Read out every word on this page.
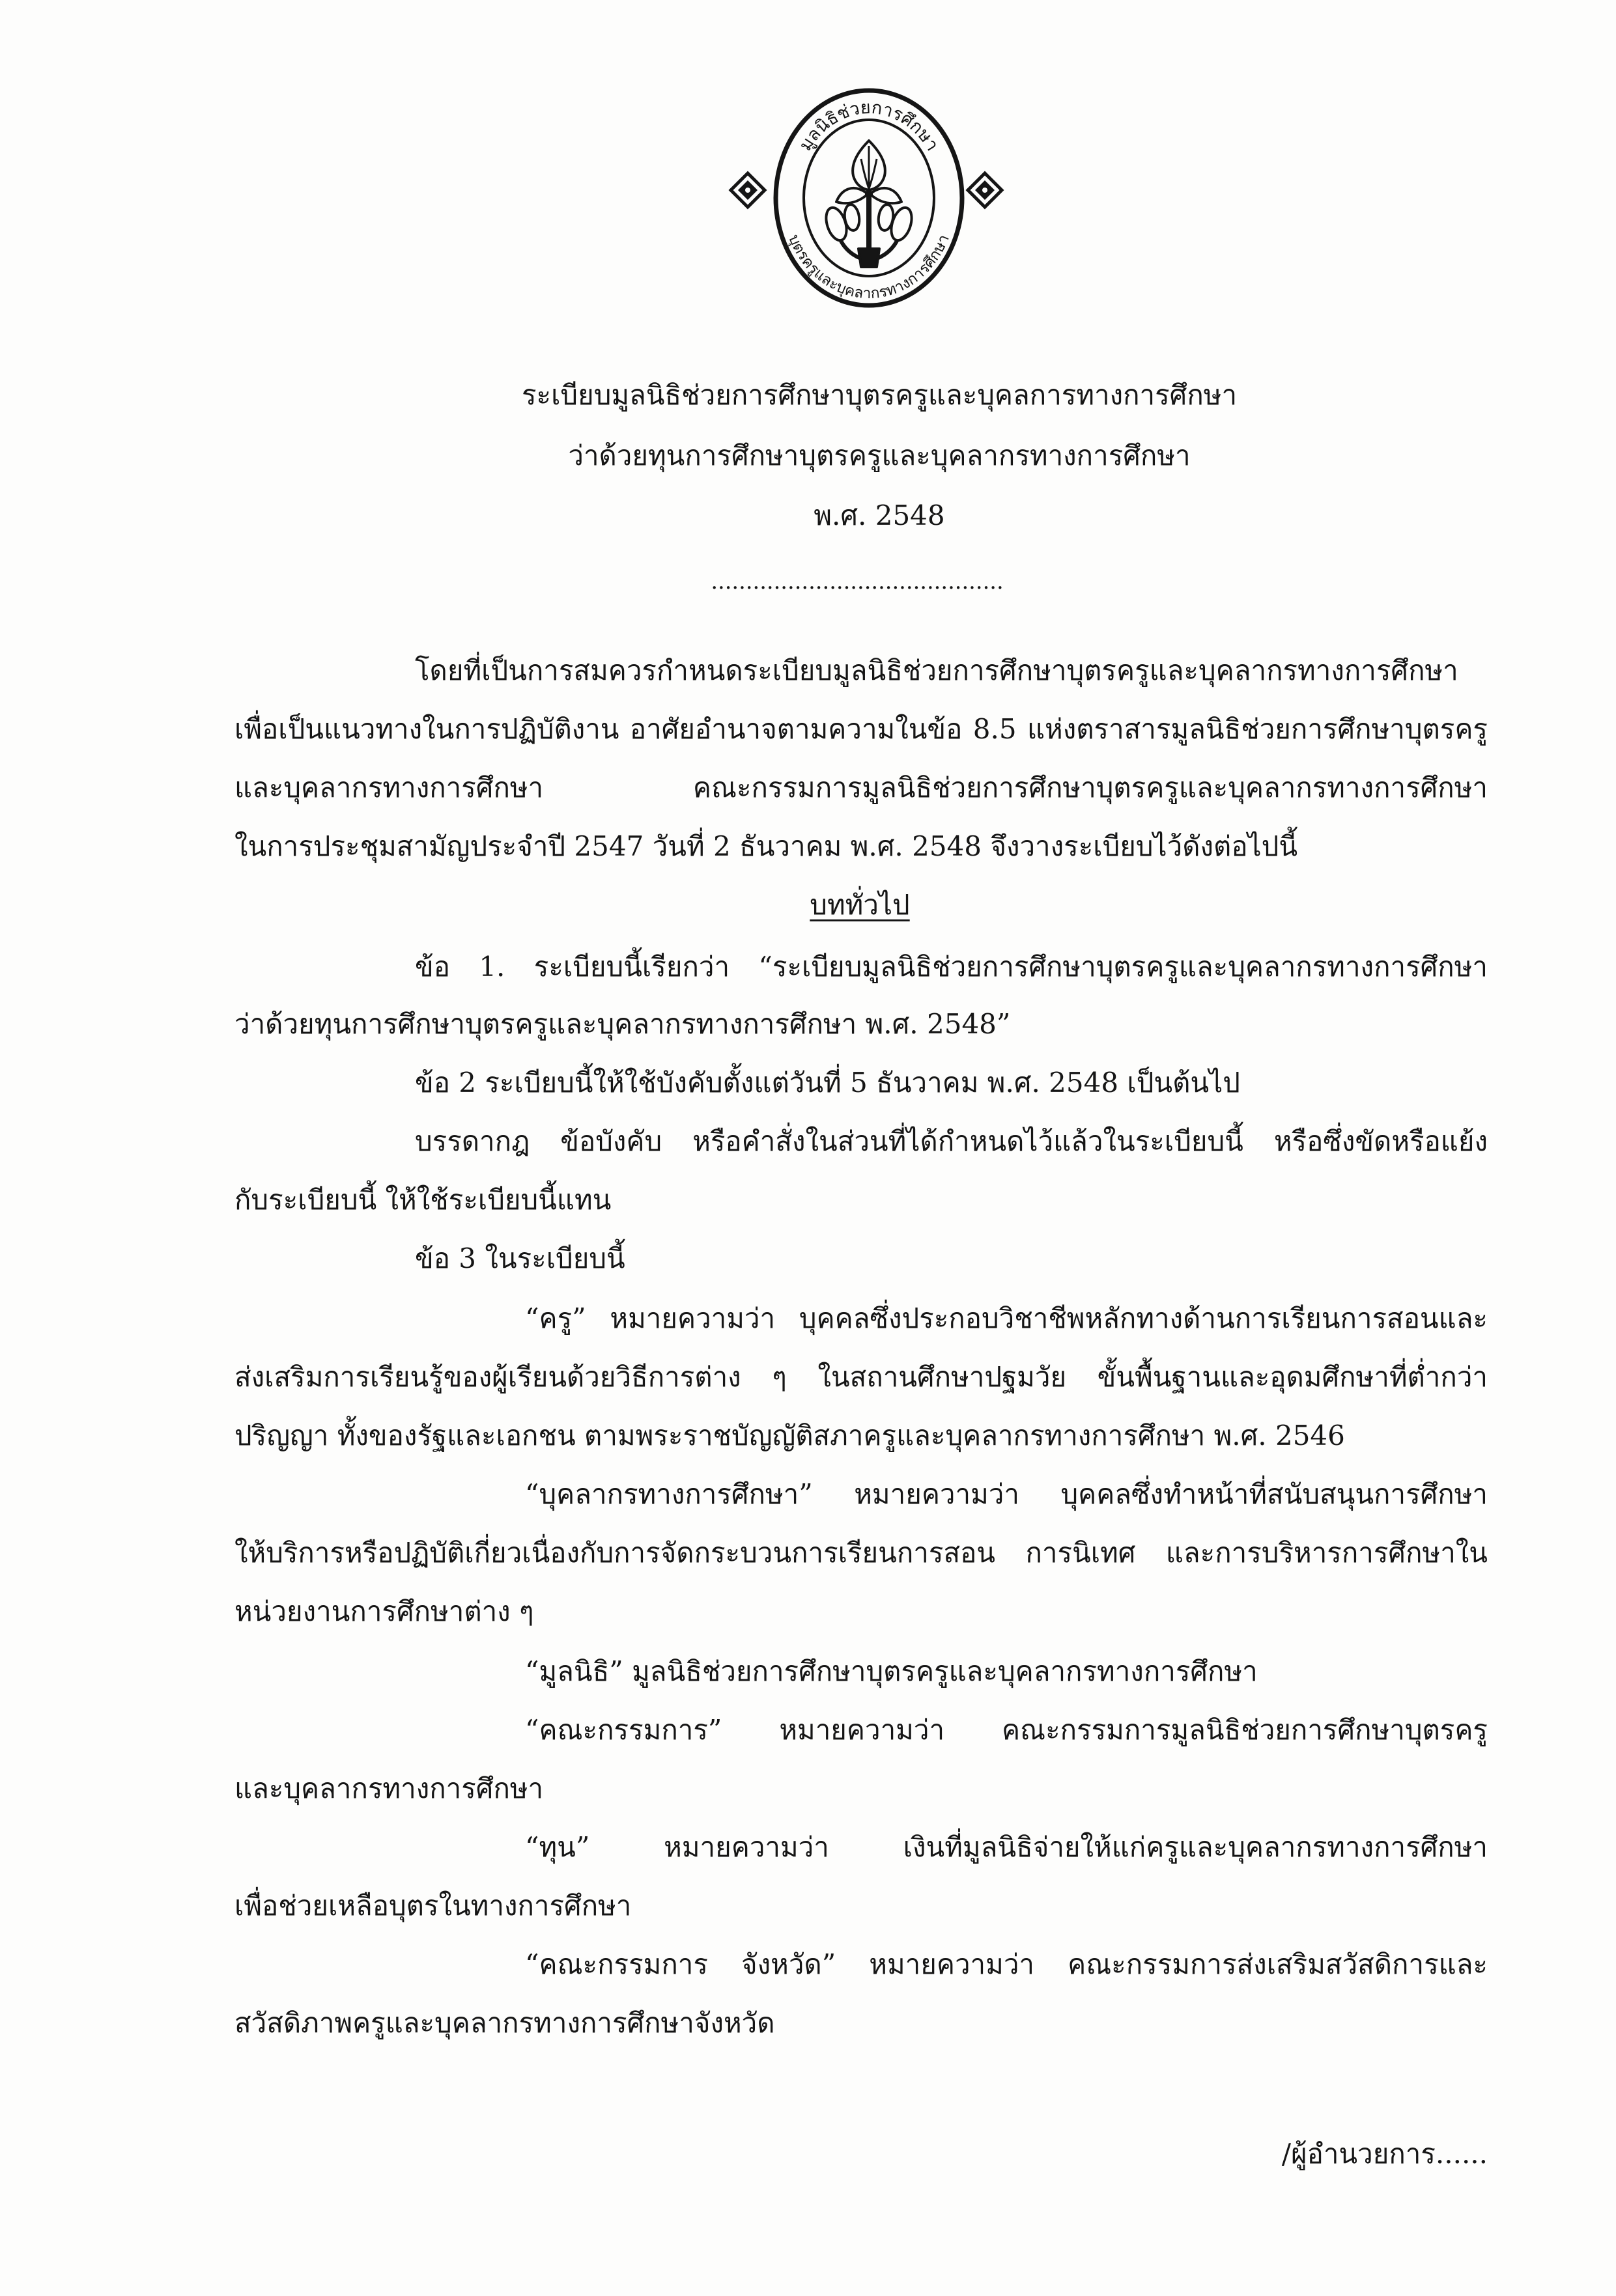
มูลนิธิช่วยการศึกษา
บุตรครูและบุคลากรทางการศึกษา
ระเบียบมูลนิธิช่วยการศึกษาบุตรครูและบุคลการทางการศึกษา
ว่าด้วยทุนการศึกษาบุตรครูและบุคลากรทางการศึกษา
พ.ศ. 2548
..........................................
โดยที่เป็นการสมควรกำหนดระเบียบมูลนิธิช่วยการศึกษาบุตรครูและบุคลากรทางการศึกษา
เพื่อเป็นแนวทางในการปฏิบัติงาน อาศัยอำนาจตามความในข้อ 8.5 แห่งตราสารมูลนิธิช่วยการศึกษาบุตรครู
และบุคลากรทางการศึกษา คณะกรรมการมูลนิธิช่วยการศึกษาบุตรครูและบุคลากรทางการศึกษา
ในการประชุมสามัญประจำปี 2547 วันที่ 2 ธันวาคม พ.ศ. 2548 จึงวางระเบียบไว้ดังต่อไปนี้
บททั่วไป
ข้อ 1. ระเบียบนี้เรียกว่า “ระเบียบมูลนิธิช่วยการศึกษาบุตรครูและบุคลากรทางการศึกษา
ว่าด้วยทุนการศึกษาบุตรครูและบุคลากรทางการศึกษา พ.ศ. 2548”
ข้อ 2 ระเบียบนี้ให้ใช้บังคับตั้งแต่วันที่ 5 ธันวาคม พ.ศ. 2548 เป็นต้นไป
บรรดากฎ ข้อบังคับ หรือคำสั่งในส่วนที่ได้กำหนดไว้แล้วในระเบียบนี้ หรือซึ่งขัดหรือแย้ง
กับระเบียบนี้ ให้ใช้ระเบียบนี้แทน
ข้อ 3 ในระเบียบนี้
“ครู” หมายความว่า บุคคลซึ่งประกอบวิชาชีพหลักทางด้านการเรียนการสอนและ
ส่งเสริมการเรียนรู้ของผู้เรียนด้วยวิธีการต่าง ๆ ในสถานศึกษาปฐมวัย ขั้นพื้นฐานและอุดมศึกษาที่ต่ำกว่า
ปริญญา ทั้งของรัฐและเอกชน ตามพระราชบัญญัติสภาครูและบุคลากรทางการศึกษา พ.ศ. 2546
“บุคลากรทางการศึกษา” หมายความว่า บุคคลซึ่งทำหน้าที่สนับสนุนการศึกษา
ให้บริการหรือปฏิบัติเกี่ยวเนื่องกับการจัดกระบวนการเรียนการสอน การนิเทศ และการบริหารการศึกษาใน
หน่วยงานการศึกษาต่าง ๆ
“มูลนิธิ” มูลนิธิช่วยการศึกษาบุตรครูและบุคลากรทางการศึกษา
“คณะกรรมการ” หมายความว่า คณะกรรมการมูลนิธิช่วยการศึกษาบุตรครู
และบุคลากรทางการศึกษา
“ทุน” หมายความว่า เงินที่มูลนิธิจ่ายให้แก่ครูและบุคลากรทางการศึกษา
เพื่อช่วยเหลือบุตรในทางการศึกษา
“คณะกรรมการ จังหวัด” หมายความว่า คณะกรรมการส่งเสริมสวัสดิการและ
สวัสดิภาพครูและบุคลากรทางการศึกษาจังหวัด
/ผู้อำนวยการ......
